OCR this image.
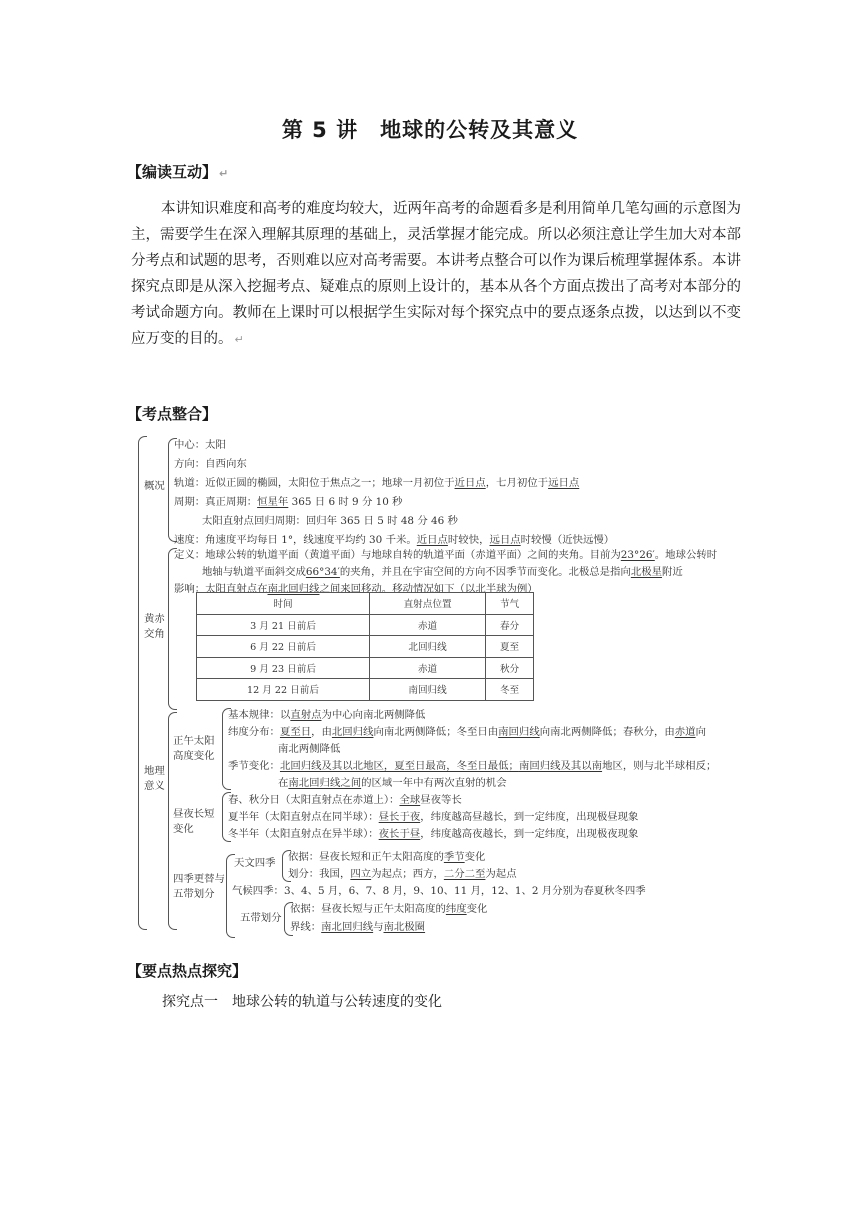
第 5 讲　地球的公转及其意义
【编读互动】 ↵
本讲知识难度和高考的难度均较大，近两年高考的命题看多是利用简单几笔勾画的示意图为主，需要学生在深入理解其原理的基础上，灵活掌握才能完成。所以必须注意让学生加大对本部分考点和试题的思考，否则难以应对高考需要。本讲考点整合可以作为课后梳理掌握体系。本讲探究点即是从深入挖掘考点、疑难点的原则上设计的，基本从各个方面点拨出了高考对本部分的考试命题方向。教师在上课时可以根据学生实际对每个探究点中的要点逐条点拨，以达到以不变应万变的目的。 ↵
【考点整合】
概况
中心：太阳
方向：自西向东
轨道：近似正圆的椭圆，太阳位于焦点之一；地球一月初位于近日点，七月初位于远日点
周期：真正周期：恒星年 365 日 6 时 9 分 10 秒
太阳直射点回归周期：回归年 365 日 5 时 48 分 46 秒
速度：角速度平均每日 1°，线速度平均约 30 千米。近日点时较快，远日点时较慢（近快远慢）
黄赤
交角
定义：地球公转的轨道平面（黄道平面）与地球自转的轨道平面（赤道平面）之间的夹角。目前为23°26′。地球公转时
地轴与轨道平面斜交成66°34′的夹角，并且在宇宙空间的方向不因季节而变化。北极总是指向北极星附近
影响：太阳直射点在南北回归线之间来回移动。移动情况如下（以北半球为例）
时间	直射点位置	节气
3 月 21 日前后	赤道	春分
6 月 22 日前后	北回归线	夏至
9 月 23 日前后	赤道	秋分
12 月 22 日前后	南回归线	冬至
地理
意义
正午太阳
高度变化
基本规律：以直射点为中心向南北两侧降低
纬度分布：夏至日，由北回归线向南北两侧降低；冬至日由南回归线向南北两侧降低；春秋分，由赤道向
南北两侧降低
季节变化：北回归线及其以北地区，夏至日最高，冬至日最低；南回归线及其以南地区，则与北半球相反；
在南北回归线之间的区域一年中有两次直射的机会
昼夜长短
变化
春、秋分日（太阳直射点在赤道上）：全球昼夜等长
夏半年（太阳直射点在同半球）：昼长于夜，纬度越高昼越长，到一定纬度，出现极昼现象
冬半年（太阳直射点在异半球）：夜长于昼，纬度越高夜越长，到一定纬度，出现极夜现象
四季更替与
五带划分
天文四季 依据：昼夜长短和正午太阳高度的季节变化
划分：我国，四立为起点；西方，二分二至为起点
气候四季：3、4、5 月，6、7、8 月，9、10、11 月，12、1、2 月分别为春夏秋冬四季
五带划分
依据：昼夜长短与正午太阳高度的纬度变化
界线：南北回归线与南北极圈
【要点热点探究】
探究点一　地球公转的轨道与公转速度的变化
